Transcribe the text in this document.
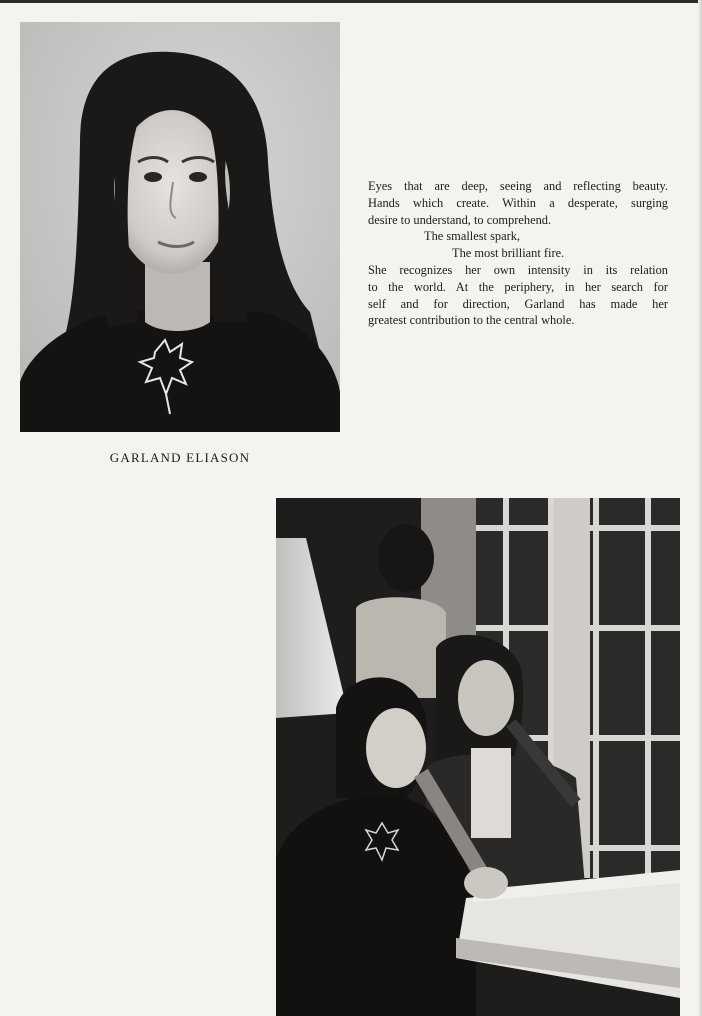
GARLAND ELIASON
Eyes that are deep, seeing and reflecting beauty.
Hands which create. Within a desperate, surging
desire to understand, to comprehend.
The smallest spark,
The most brilliant fire.
She recognizes her own intensity in its relation
to the world. At the periphery, in her search for
self and for direction, Garland has made her
greatest contribution to the central whole.
